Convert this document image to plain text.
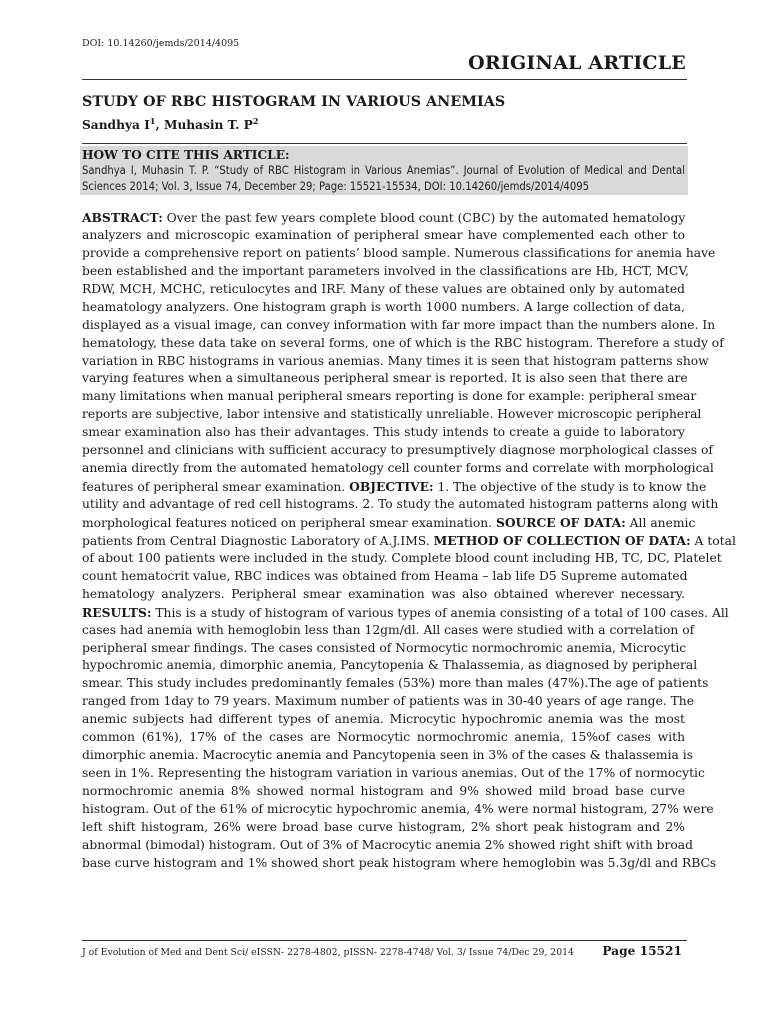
DOI: 10.14260/jemds/2014/4095
ORIGINAL ARTICLE
STUDY OF RBC HISTOGRAM IN VARIOUS ANEMIAS
Sandhya $I^1$, Muhasin T. $P^2$
HOW TO CITE THIS ARTICLE:
Sandhya I, Muhasin T. P. “Study of RBC Histogram in Various Anemias”. Journal of Evolution of Medical and Dental Sciences 2014; Vol. 3, Issue 74, December 29; Page: 15521-15534, DOI: 10.14260/jemds/2014/4095
ABSTRACT: Over the past few years complete blood count (CBC) by the automated hematology
analyzers and microscopic examination of peripheral smear have complemented each other to
provide a comprehensive report on patients’ blood sample. Numerous classifications for anemia have
been established and the important parameters involved in the classifications are Hb, HCT, MCV,
RDW, MCH, MCHC, reticulocytes and IRF. Many of these values are obtained only by automated
heamatology analyzers. One histogram graph is worth 1000 numbers. A large collection of data,
displayed as a visual image, can convey information with far more impact than the numbers alone. In
hematology, these data take on several forms, one of which is the RBC histogram. Therefore a study of
variation in RBC histograms in various anemias. Many times it is seen that histogram patterns show
varying features when a simultaneous peripheral smear is reported. It is also seen that there are
many limitations when manual peripheral smears reporting is done for example: peripheral smear
reports are subjective, labor intensive and statistically unreliable. However microscopic peripheral
smear examination also has their advantages. This study intends to create a guide to laboratory
personnel and clinicians with sufficient accuracy to presumptively diagnose morphological classes of
anemia directly from the automated hematology cell counter forms and correlate with morphological
features of peripheral smear examination. OBJECTIVE: 1. The objective of the study is to know the
utility and advantage of red cell histograms. 2. To study the automated histogram patterns along with
morphological features noticed on peripheral smear examination. SOURCE OF DATA: All anemic
patients from Central Diagnostic Laboratory of A.J.IMS. METHOD OF COLLECTION OF DATA: A total
of about 100 patients were included in the study. Complete blood count including HB, TC, DC, Platelet
count hematocrit value, RBC indices was obtained from Heama – lab life D5 Supreme automated
hematology analyzers. Peripheral smear examination was also obtained wherever necessary.
RESULTS: This is a study of histogram of various types of anemia consisting of a total of 100 cases. All
cases had anemia with hemoglobin less than 12gm/dl. All cases were studied with a correlation of
peripheral smear findings. The cases consisted of Normocytic normochromic anemia, Microcytic
hypochromic anemia, dimorphic anemia, Pancytopenia & Thalassemia, as diagnosed by peripheral
smear. This study includes predominantly females (53%) more than males (47%).The age of patients
ranged from 1day to 79 years. Maximum number of patients was in 30-40 years of age range. The
anemic subjects had different types of anemia. Microcytic hypochromic anemia was the most
common (61%), 17% of the cases are Normocytic normochromic anemia, 15%of cases with
dimorphic anemia. Macrocytic anemia and Pancytopenia seen in 3% of the cases & thalassemia is
seen in 1%. Representing the histogram variation in various anemias. Out of the 17% of normocytic
normochromic anemia 8% showed normal histogram and 9% showed mild broad base curve
histogram. Out of the 61% of microcytic hypochromic anemia, 4% were normal histogram, 27% were
left shift histogram, 26% were broad base curve histogram, 2% short peak histogram and 2%
abnormal (bimodal) histogram. Out of 3% of Macrocytic anemia 2% showed right shift with broad
base curve histogram and 1% showed short peak histogram where hemoglobin was 5.3g/dl and RBCs
J of Evolution of Med and Dent Sci/ eISSN- 2278-4802, pISSN- 2278-4748/ Vol. 3/ Issue 74/Dec 29, 2014 Page 15521
